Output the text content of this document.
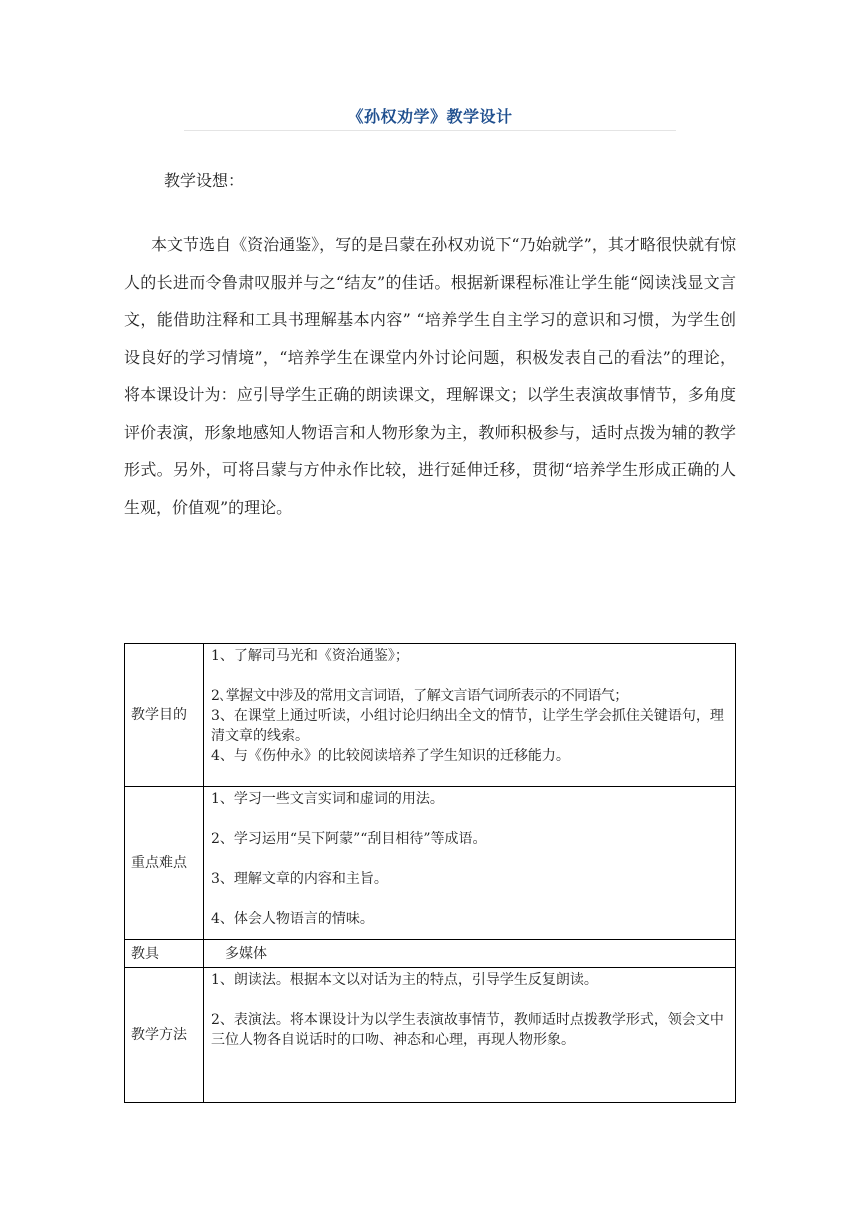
《孙权劝学》教学设计
教学设想：

本文节选自《资治通鉴》，写的是吕蒙在孙权劝说下“乃始就学”，其才略很快就有惊人的长进而令鲁肃叹服并与之“结友”的佳话。根据新课程标准让学生能“阅读浅显文言文，能借助注释和工具书理解基本内容” “培养学生自主学习的意识和习惯，为学生创设良好的学习情境”，“培养学生在课堂内外讨论问题，积极发表自己的看法”的理论，将本课设计为：应引导学生正确的朗读课文，理解课文；以学生表演故事情节，多角度评价表演，形象地感知人物语言和人物形象为主，教师积极参与，适时点拨为辅的教学形式。另外，可将吕蒙与方仲永作比较，进行延伸迁移，贯彻“培养学生形成正确的人生观，价值观”的理论。

教学目的	1、了解司马光和《资治通鉴》；
2､掌握文中涉及的常用文言词语，了解文言语气词所表示的不同语气；
3、在课堂上通过听读，小组讨论归纳出全文的情节，让学生学会抓住关键语句，理清文章的线索。
4、与《伤仲永》的比较阅读培养了学生知识的迁移能力。

重点难点	1、学习一些文言实词和虚词的用法。
2、学习运用“吴下阿蒙”“刮目相待”等成语。
3、理解文章的内容和主旨。
4、体会人物语言的情味。

教具	多媒体
教学方法	1、朗读法。根据本文以对话为主的特点，引导学生反复朗读。
2、表演法。将本课设计为以学生表演故事情节，教师适时点拨教学形式，领会文中三位人物各自说话时的口吻、神态和心理，再现人物形象。
